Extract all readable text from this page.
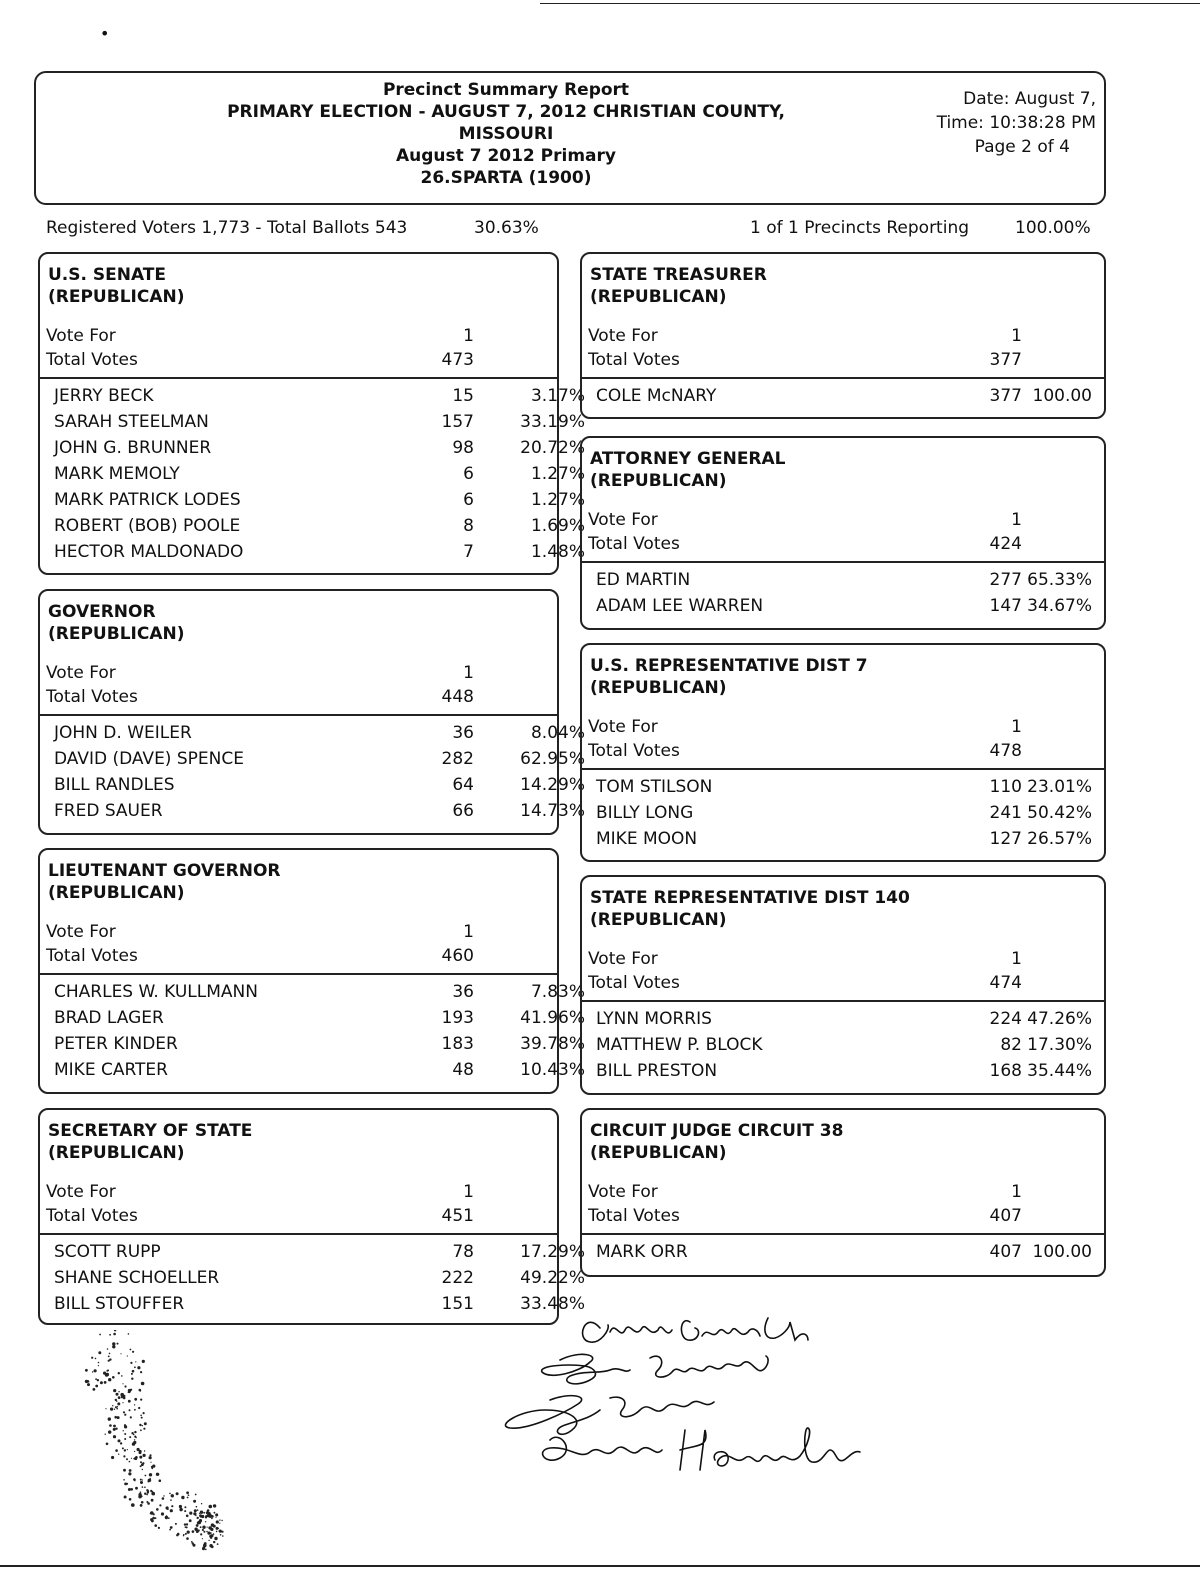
•
Precinct Summary Report
PRIMARY ELECTION - AUGUST 7, 2012 CHRISTIAN COUNTY,
MISSOURI
August 7 2012 Primary
26.SPARTA (1900)
Date: August 7,
Time: 10:38:28 PM
Page 2 of 4
Registered Voters 1,773 - Total Ballots 543	30.63%	1 of 1 Precincts Reporting	100.00%
U.S. SENATE
(REPUBLICAN)
Vote For	1
Total Votes	473
JERRY BECK	15	3.17%
SARAH STEELMAN	157	33.19%
JOHN G. BRUNNER	98	20.72%
MARK MEMOLY	6	1.27%
MARK PATRICK LODES	6	1.27%
ROBERT (BOB) POOLE	8	1.69%
HECTOR MALDONADO	7	1.48%
GOVERNOR
(REPUBLICAN)
Vote For	1
Total Votes	448
JOHN D. WEILER	36	8.04%
DAVID (DAVE) SPENCE	282	62.95%
BILL RANDLES	64	14.29%
FRED SAUER	66	14.73%
LIEUTENANT GOVERNOR
(REPUBLICAN)
Vote For	1
Total Votes	460
CHARLES W. KULLMANN	36	7.83%
BRAD LAGER	193	41.96%
PETER KINDER	183	39.78%
MIKE CARTER	48	10.43%
SECRETARY OF STATE
(REPUBLICAN)
Vote For	1
Total Votes	451
SCOTT RUPP	78	17.29%
SHANE SCHOELLER	222	49.22%
BILL STOUFFER	151	33.48%
STATE TREASURER
(REPUBLICAN)
Vote For	1
Total Votes	377
COLE McNARY	377 100.00
ATTORNEY GENERAL
(REPUBLICAN)
Vote For	1
Total Votes	424
ED MARTIN	277 65.33%
ADAM LEE WARREN	147 34.67%
U.S. REPRESENTATIVE DIST 7
(REPUBLICAN)
Vote For	1
Total Votes	478
TOM STILSON	110 23.01%
BILLY LONG	241 50.42%
MIKE MOON	127 26.57%
STATE REPRESENTATIVE DIST 140
(REPUBLICAN)
Vote For	1
Total Votes	474
LYNN MORRIS	224 47.26%
MATTHEW P. BLOCK	82 17.30%
BILL PRESTON	168 35.44%
CIRCUIT JUDGE CIRCUIT 38
(REPUBLICAN)
Vote For	1
Total Votes	407
MARK ORR	407 100.00
